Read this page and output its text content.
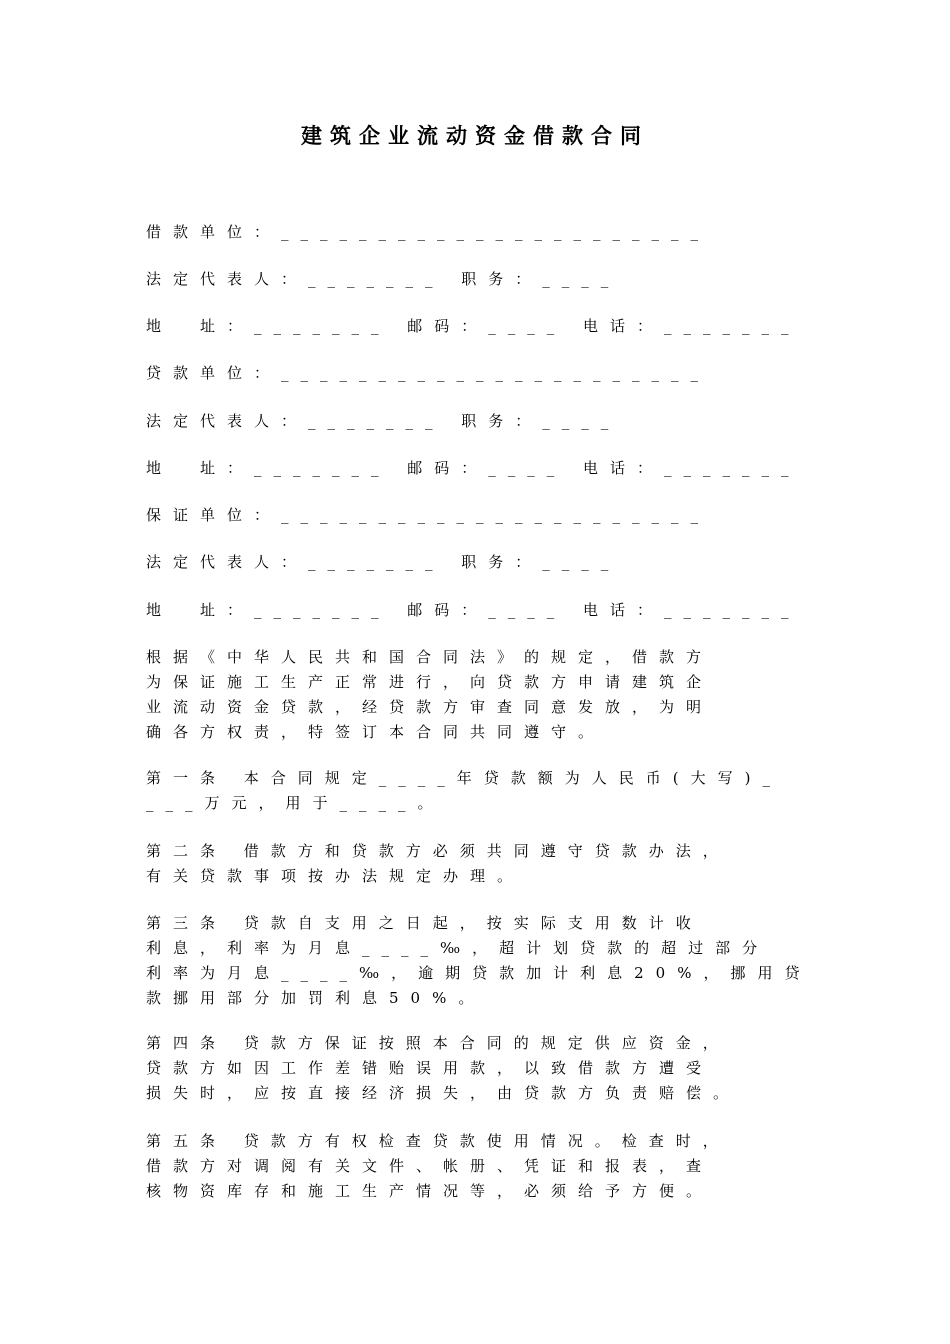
建筑企业流动资金借款合同
借款单位：______________________
法定代表人：_______ 职务：____
地　址：_______ 邮码：____ 电话：_______
贷款单位：______________________
法定代表人：_______ 职务：____
地　址：_______ 邮码：____ 电话：_______
保证单位：______________________
法定代表人：_______ 职务：____
地　址：_______ 邮码：____ 电话：_______
根据《中华人民共和国合同法》的规定，借款方
为保证施工生产正常进行，向贷款方申请建筑企
业流动资金贷款，经贷款方审查同意发放，为明
确各方权责，特签订本合同共同遵守。
第一条 本合同规定____年贷款额为人民币(大写)_
___万元，用于____。
第二条 借款方和贷款方必须共同遵守贷款办法，
有关贷款事项按办法规定办理。
第三条 贷款自支用之日起，按实际支用数计收
利息，利率为月息____‰，超计划贷款的超过部分
利率为月息____‰，逾期贷款加计利息20%，挪用贷
款挪用部分加罚利息50%。
第四条 贷款方保证按照本合同的规定供应资金，
贷款方如因工作差错贻误用款，以致借款方遭受
损失时，应按直接经济损失，由贷款方负责赔偿。
第五条 贷款方有权检查贷款使用情况。检查时，
借款方对调阅有关文件、帐册、凭证和报表，查
核物资库存和施工生产情况等，必须给予方便。
